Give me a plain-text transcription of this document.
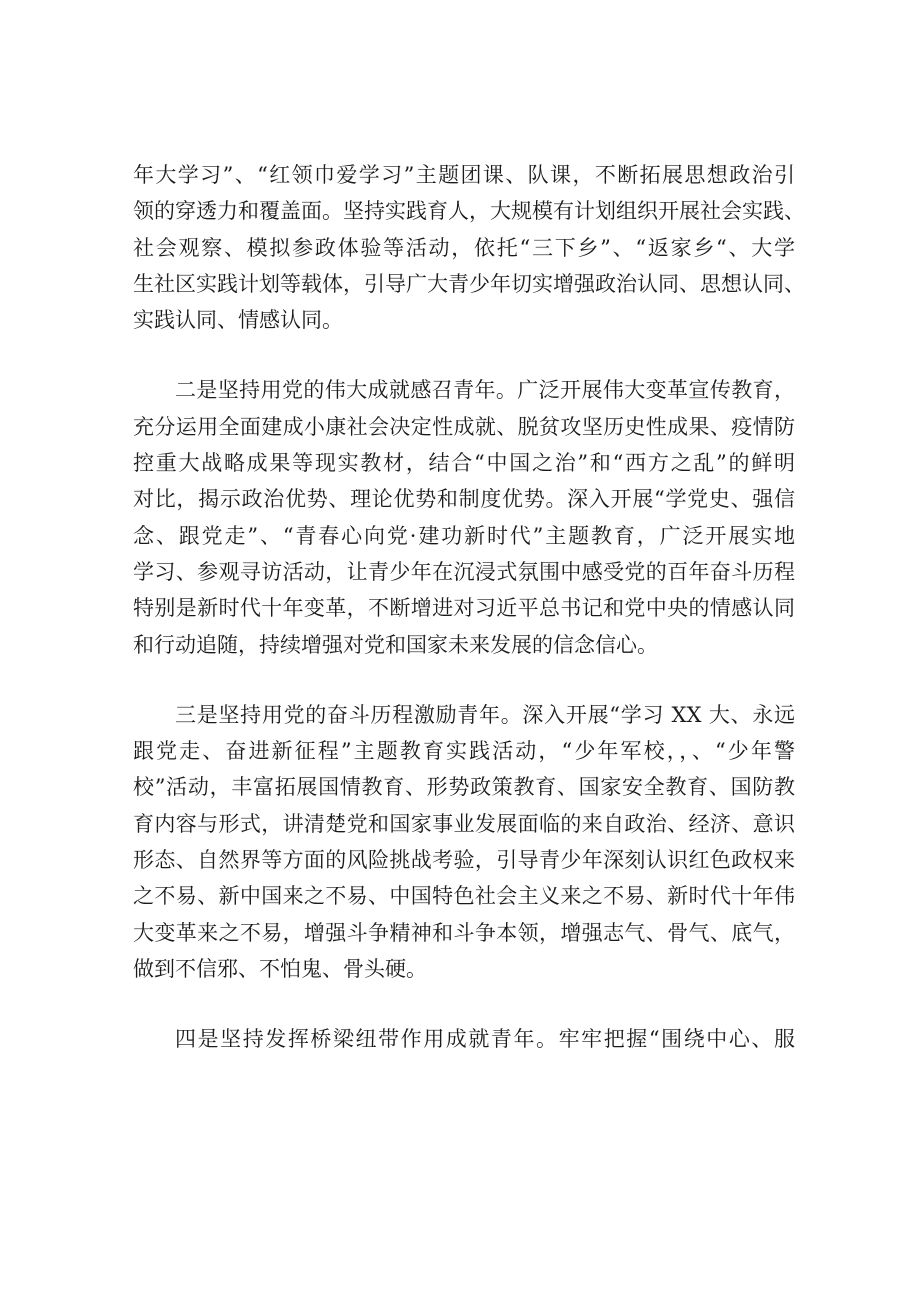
年大学习”、“红领巾爱学习”主题团课、队课，不断拓展思想政治引
领的穿透力和覆盖面。坚持实践育人，大规模有计划组织开展社会实践、
社会观察、模拟参政体验等活动，依托“三下乡”、“返家乡“、大学
生社区实践计划等载体，引导广大青少年切实增强政治认同、思想认同、
实践认同、情感认同。
二是坚持用党的伟大成就感召青年。广泛开展伟大变革宣传教育，
充分运用全面建成小康社会决定性成就、脱贫攻坚历史性成果、疫情防
控重大战略成果等现实教材，结合“中国之治”和“西方之乱”的鲜明
对比，揭示政治优势、理论优势和制度优势。深入开展“学党史、强信
念、跟党走”、“青春心向党·建功新时代”主题教育，广泛开展实地
学习、参观寻访活动，让青少年在沉浸式氛围中感受党的百年奋斗历程
特别是新时代十年变革，不断增进对习近平总书记和党中央的情感认同
和行动追随，持续增强对党和国家未来发展的信念信心。
三是坚持用党的奋斗历程激励青年。深入开展“学习 XX 大、永远
跟党走、奋进新征程”主题教育实践活动，“少年军校，，、“少年警
校”活动，丰富拓展国情教育、形势政策教育、国家安全教育、国防教
育内容与形式，讲清楚党和国家事业发展面临的来自政治、经济、意识
形态、自然界等方面的风险挑战考验，引导青少年深刻认识红色政权来
之不易、新中国来之不易、中国特色社会主义来之不易、新时代十年伟
大变革来之不易，增强斗争精神和斗争本领，增强志气、骨气、底气，
做到不信邪、不怕鬼、骨头硬。
四是坚持发挥桥梁纽带作用成就青年。牢牢把握“围绕中心、服
